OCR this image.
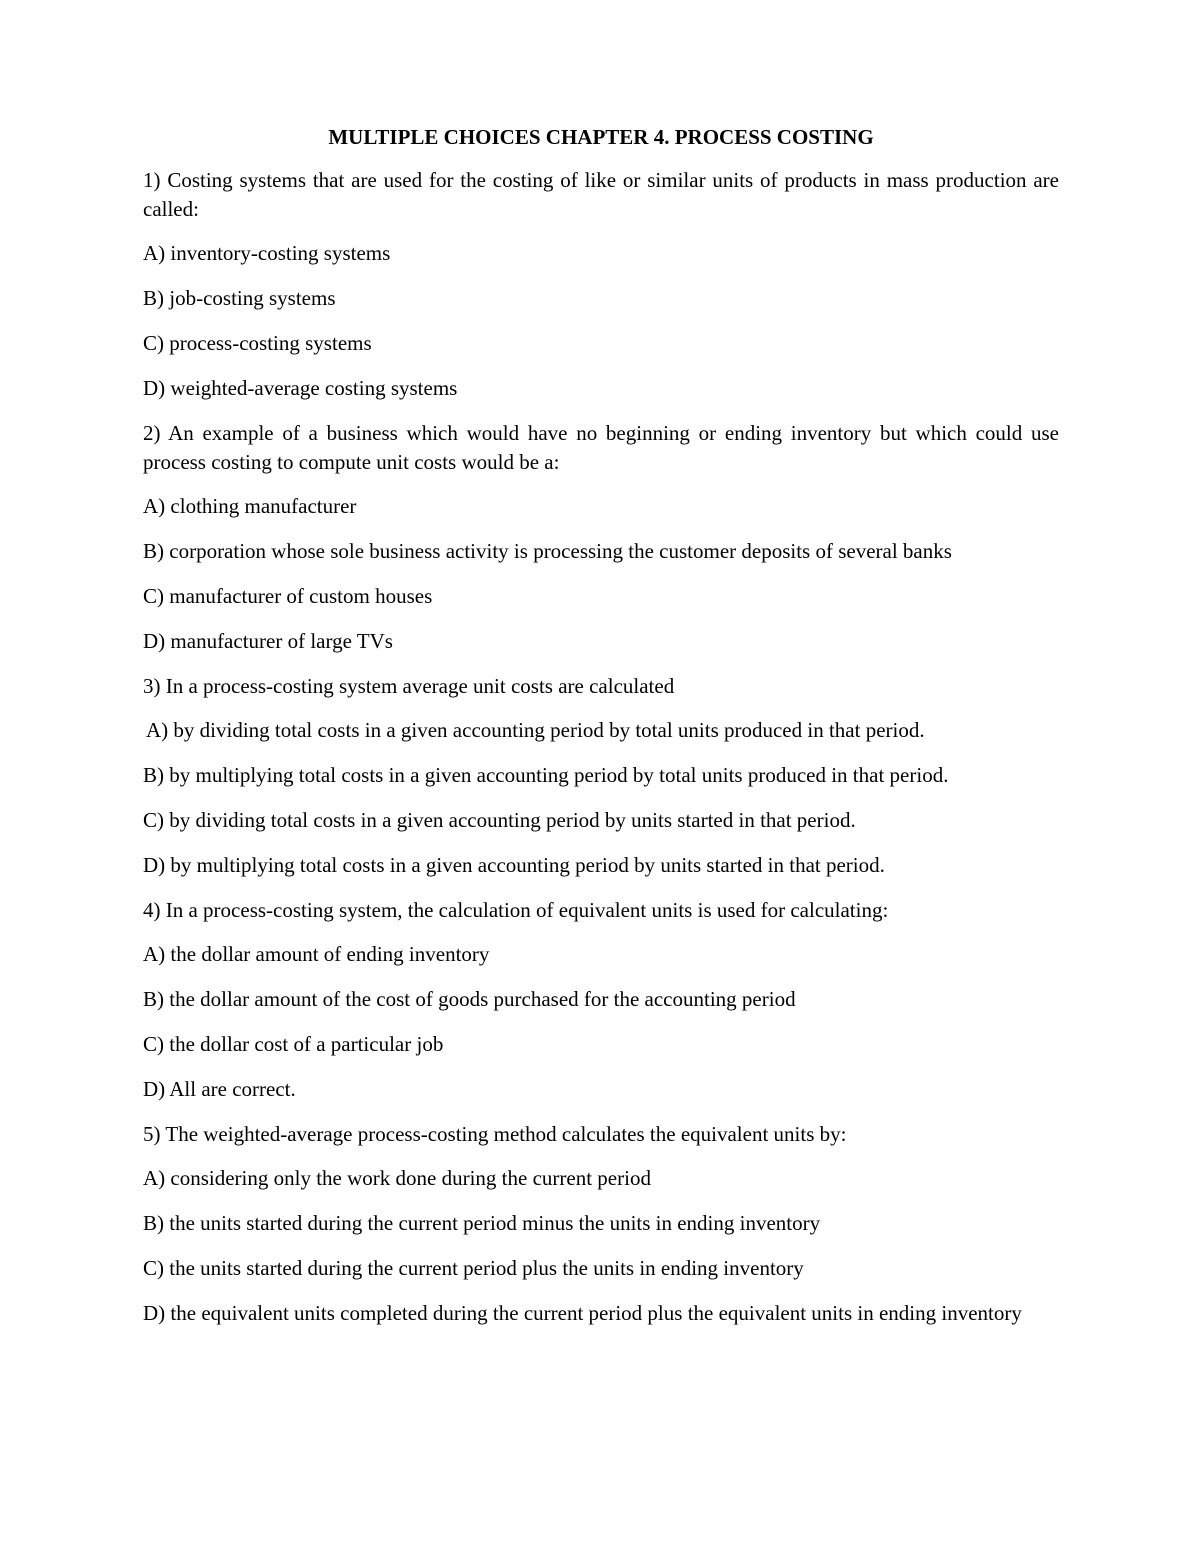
MULTIPLE CHOICES CHAPTER 4. PROCESS COSTING

1) Costing systems that are used for the costing of like or similar units of products in mass production are called:

A) inventory-costing systems

B) job-costing systems

C) process-costing systems

D) weighted-average costing systems

2) An example of a business which would have no beginning or ending inventory but which could use process costing to compute unit costs would be a:

A) clothing manufacturer

B) corporation whose sole business activity is processing the customer deposits of several banks

C) manufacturer of custom houses

D) manufacturer of large TVs

3) In a process-costing system average unit costs are calculated

A) by dividing total costs in a given accounting period by total units produced in that period.

B) by multiplying total costs in a given accounting period by total units produced in that period.

C) by dividing total costs in a given accounting period by units started in that period.

D) by multiplying total costs in a given accounting period by units started in that period.

4) In a process-costing system, the calculation of equivalent units is used for calculating:

A) the dollar amount of ending inventory

B) the dollar amount of the cost of goods purchased for the accounting period

C) the dollar cost of a particular job

D) All are correct.

5) The weighted-average process-costing method calculates the equivalent units by:

A) considering only the work done during the current period

B) the units started during the current period minus the units in ending inventory

C) the units started during the current period plus the units in ending inventory

D) the equivalent units completed during the current period plus the equivalent units in ending inventory
